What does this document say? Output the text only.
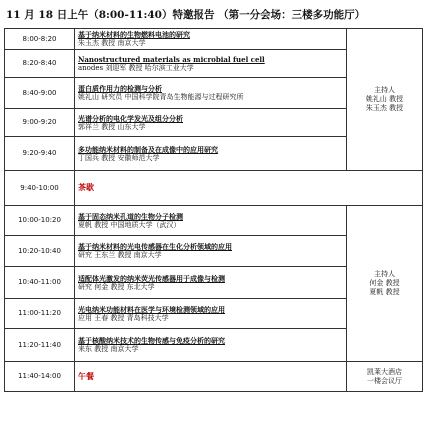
11 月 18 日上午（8:00-11:40）特邀报告 （第一分会场：三楼多功能厅）
8:00-8:20	基于纳米材料的生物燃料电池的研究
朱玉杰 教授 南京大学	主持人
姚礼山 教授
朱玉杰 教授

8:20-8:40	Nanostructured materials as microbial fuel cell
anodes 刘迎军 教授 哈尔滨工业大学	

8:40-9:00	蛋白质作用力的检测与分析
姚礼山 研究员 中国科学院青岛生物能源与过程研究所	

9:00-9:20	光谱分析的电化学发光及组分分析
郭祥兰 教授 山东大学	

9:20-9:40	多功能纳米材料的制备及在成像中的应用研究
丁国兵 教授 安徽师范大学	

9:40-10:00	茶歇	
10:00-10:20	基于固态纳米孔道的生物分子检测
夏帆 教授 中国地质大学（武汉）	主持人
何金 教授
夏帆 教授

10:20-10:40	基于纳米材料的光电传感器在生化分析领域的应用
研究 王东兰 教授 南京大学	

10:40-11:00	适配体光激发的纳米荧光传感器用于成像与检测
研究 何金 教授 东北大学	

11:00-11:20	光电纳米功能材料在医学与环境检测领域的应用
应用 王春 教授 青岛科技大学	

11:20-11:40	基于核酸纳米技术的生物传感与免疫分析的研究
来东 教授 南京大学	

11:40-14:00	午餐	凯莱大酒店
一楼会议厅
